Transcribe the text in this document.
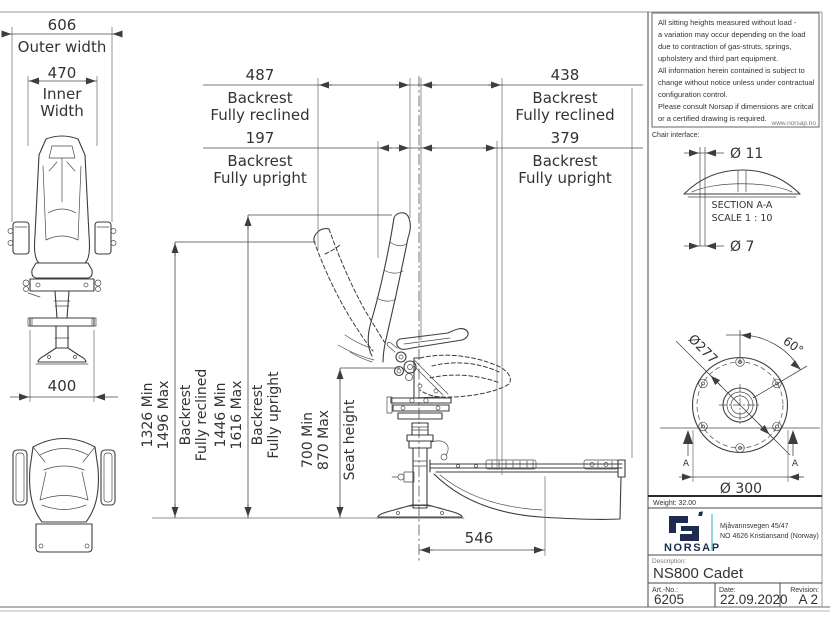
606
Outer width
470
Inner
Width
400
487
Backrest
Fully reclined
438
Backrest
Fully reclined
197
Backrest
Fully upright
379
Backrest
Fully upright
1326 Min 1496 Max Backrest Fully reclined 1446 Min 1616 Max Backrest Fully upright 700 Min 870 Max Seat height
546
All sitting heights measured without load -
a variation may occur depending on the load
due to contraction of gas-struts, springs,
upholstery and third part equipment.
All information herein contained is subject to
change without notice unless under contractual
configuration control.
Please consult Norsap if dimensions are critcal
or a certified drawing is required.
www.norsap.no
Chair interface:
Ø 11
SECTION A-A
SCALE 1 : 10
Ø 7
Ø277	60°
A	A
Ø 300
Weight: 32.00
NORSAP
Mjåvannsvegen 45/47
NO 4626 Kristiansand (Norway)
Description:
NS800 Cadet
Art.-No.:
6205
Date:
22.09.2020
Revision:
A 2
